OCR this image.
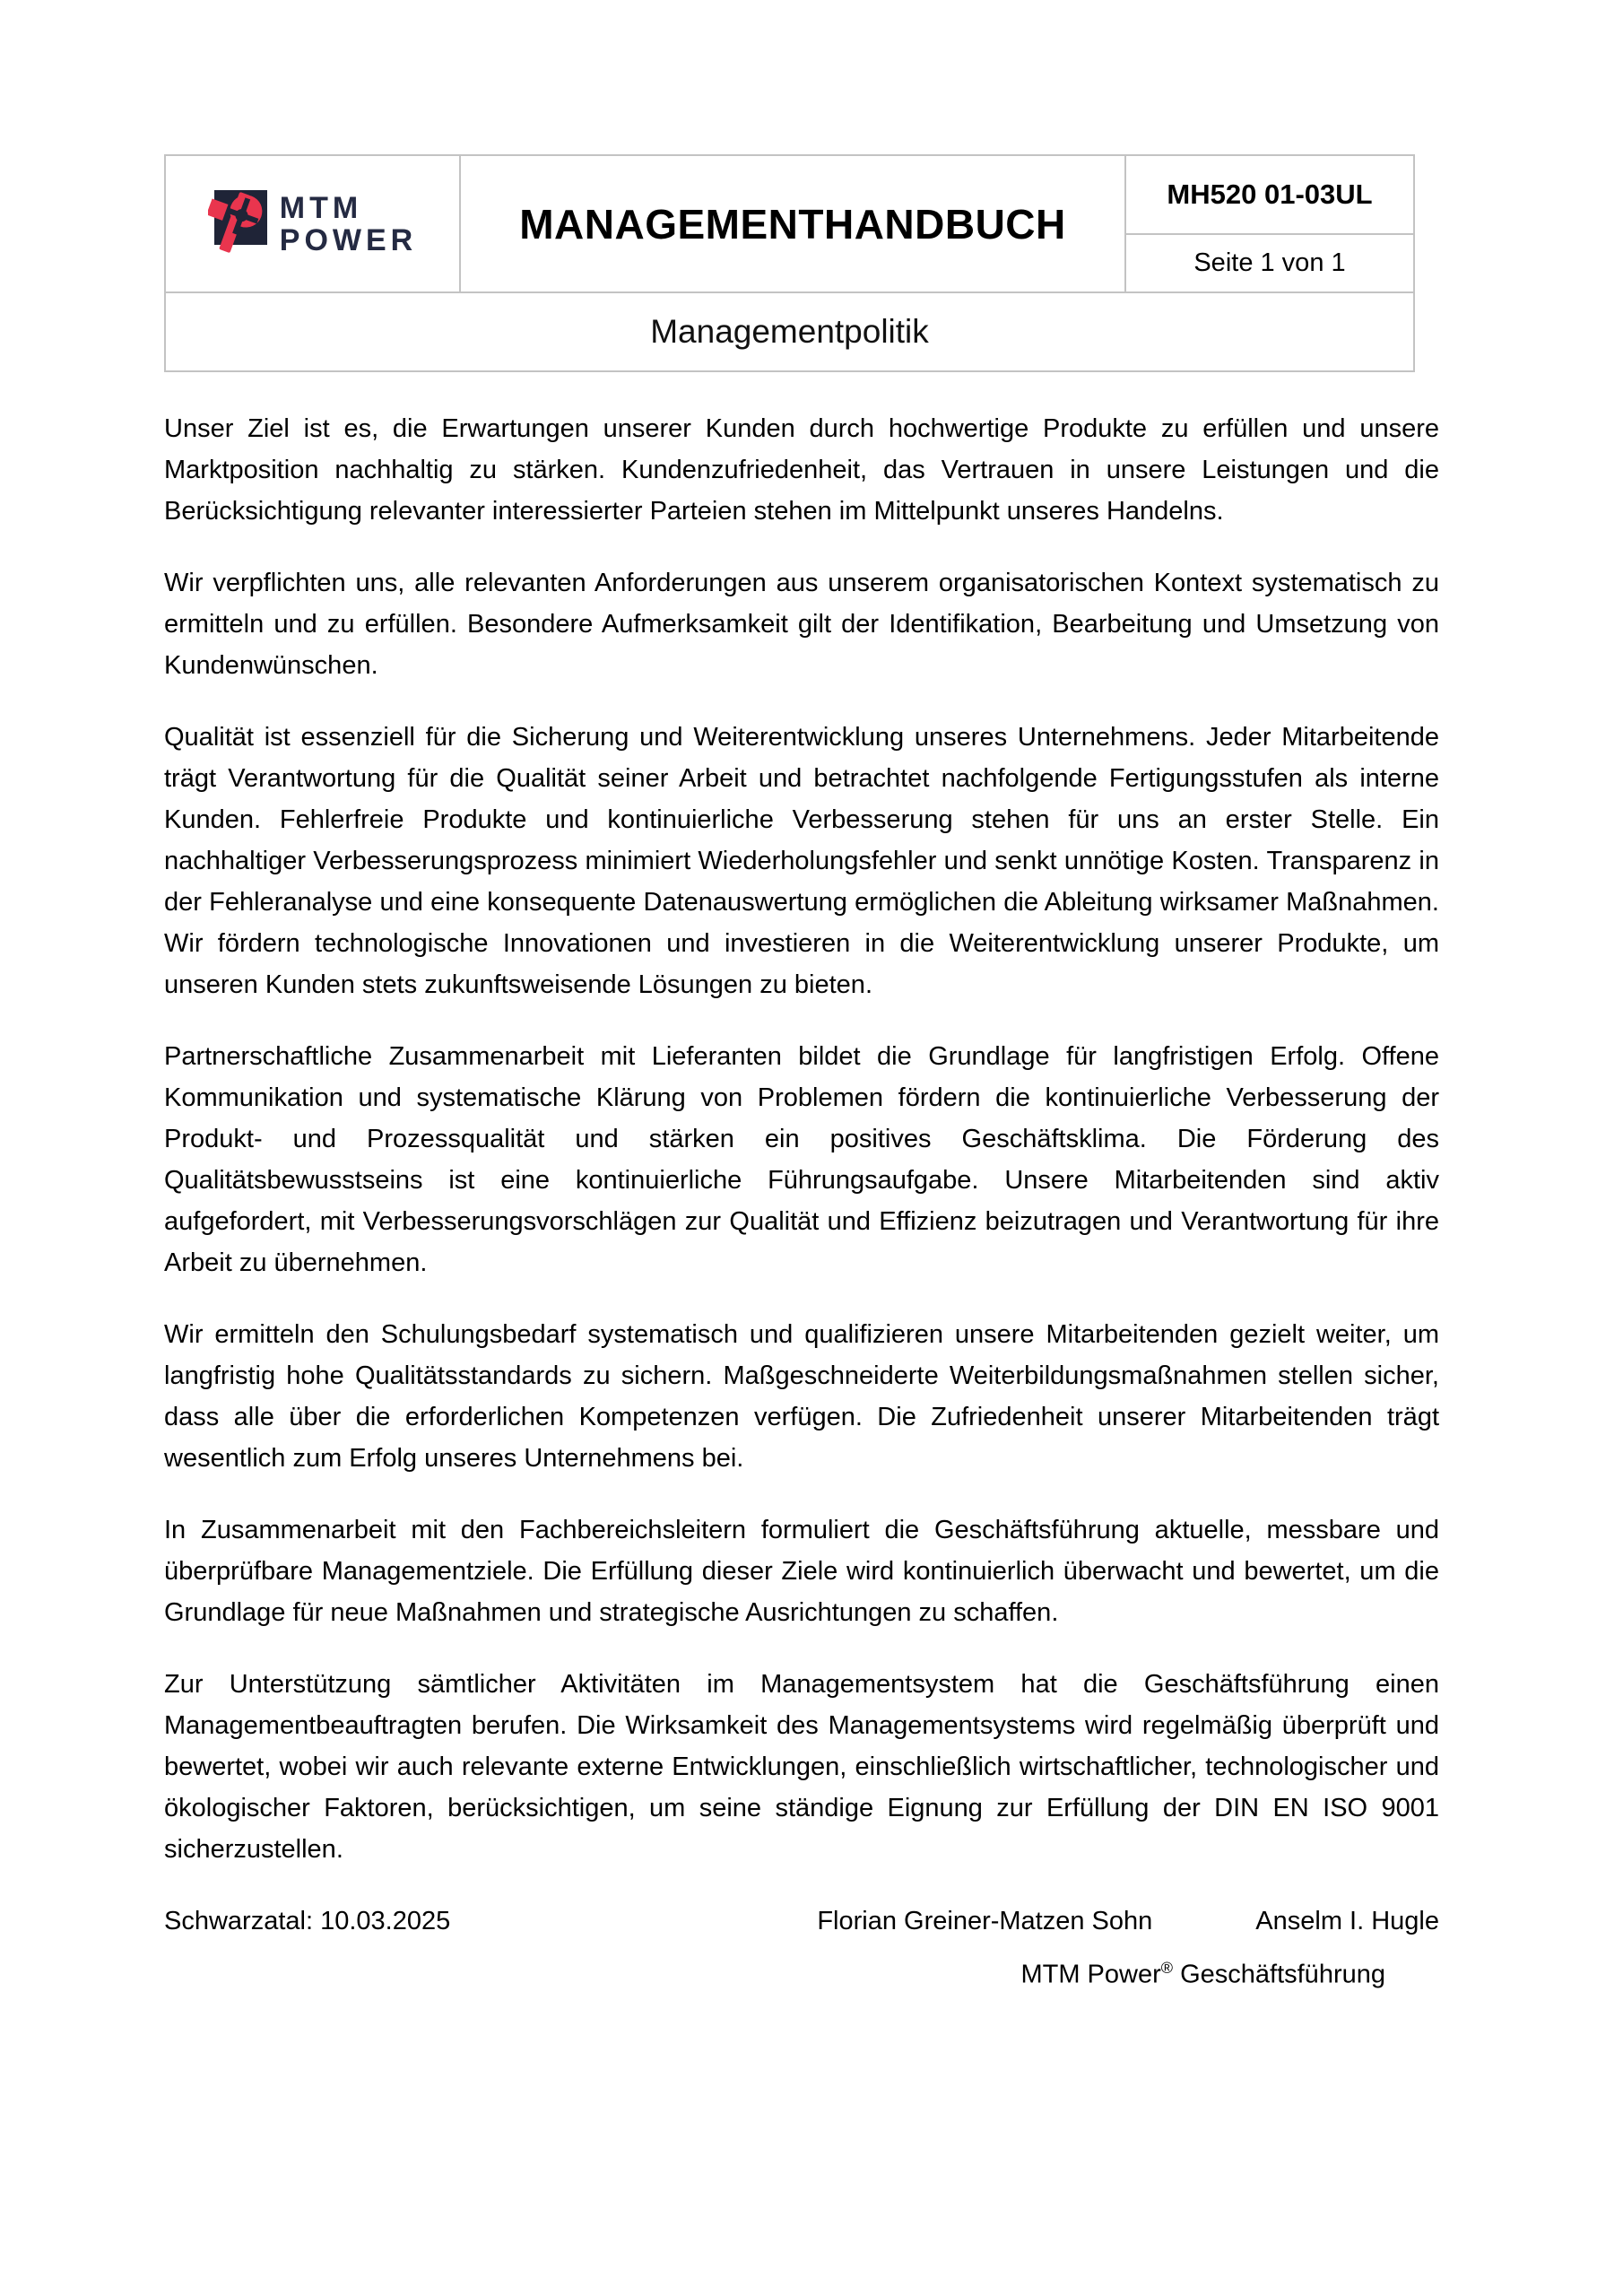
MTM
POWER	MANAGEMENTHANDBUCH
MH520 01-03UL
Seite 1 von 1
Managementpolitik

Unser Ziel ist es, die Erwartungen unserer Kunden durch hochwertige Produkte zu erfüllen und unsere Marktposition nachhaltig zu stärken. Kundenzufriedenheit, das Vertrauen in unsere Leistungen und die Berücksichtigung relevanter interessierter Parteien stehen im Mittelpunkt unseres Handelns.

Wir verpflichten uns, alle relevanten Anforderungen aus unserem organisatorischen Kontext systematisch zu ermitteln und zu erfüllen. Besondere Aufmerksamkeit gilt der Identifikation, Bearbeitung und Umsetzung von Kundenwünschen.

Qualität ist essenziell für die Sicherung und Weiterentwicklung unseres Unternehmens. Jeder Mitarbeitende trägt Verantwortung für die Qualität seiner Arbeit und betrachtet nachfolgende Fertigungsstufen als interne Kunden. Fehlerfreie Produkte und kontinuierliche Verbesserung stehen für uns an erster Stelle. Ein nachhaltiger Verbesserungsprozess minimiert Wiederholungsfehler und senkt unnötige Kosten. Transparenz in der Fehleranalyse und eine konsequente Datenauswertung ermöglichen die Ableitung wirksamer Maßnahmen. Wir fördern technologische Innovationen und investieren in die Weiterentwicklung unserer Produkte, um unseren Kunden stets zukunftsweisende Lösungen zu bieten.

Partnerschaftliche Zusammenarbeit mit Lieferanten bildet die Grundlage für langfristigen Erfolg. Offene Kommunikation und systematische Klärung von Problemen fördern die kontinuierliche Verbesserung der Produkt- und Prozessqualität und stärken ein positives Geschäftsklima. Die Förderung des Qualitätsbewusstseins ist eine kontinuierliche Führungsaufgabe. Unsere Mitarbeitenden sind aktiv aufgefordert, mit Verbesserungsvorschlägen zur Qualität und Effizienz beizutragen und Verantwortung für ihre Arbeit zu übernehmen.

Wir ermitteln den Schulungsbedarf systematisch und qualifizieren unsere Mitarbeitenden gezielt weiter, um langfristig hohe Qualitätsstandards zu sichern. Maßgeschneiderte Weiterbildungsmaßnahmen stellen sicher, dass alle über die erforderlichen Kompetenzen verfügen. Die Zufriedenheit unserer Mitarbeitenden trägt wesentlich zum Erfolg unseres Unternehmens bei.

In Zusammenarbeit mit den Fachbereichsleitern formuliert die Geschäftsführung aktuelle, messbare und überprüfbare Managementziele. Die Erfüllung dieser Ziele wird kontinuierlich überwacht und bewertet, um die Grundlage für neue Maßnahmen und strategische Ausrichtungen zu schaffen.

Zur Unterstützung sämtlicher Aktivitäten im Managementsystem hat die Geschäftsführung einen Managementbeauftragten berufen. Die Wirksamkeit des Managementsystems wird regelmäßig überprüft und bewertet, wobei wir auch relevante externe Entwicklungen, einschließlich wirtschaftlicher, technologischer und ökologischer Faktoren, berücksichtigen, um seine ständige Eignung zur Erfüllung der DIN EN ISO 9001 sicherzustellen.

Schwarzatal: 10.03.2025	Florian Greiner-Matzen Sohn	Anselm I. Hugle
MTM Power® Geschäftsführung
